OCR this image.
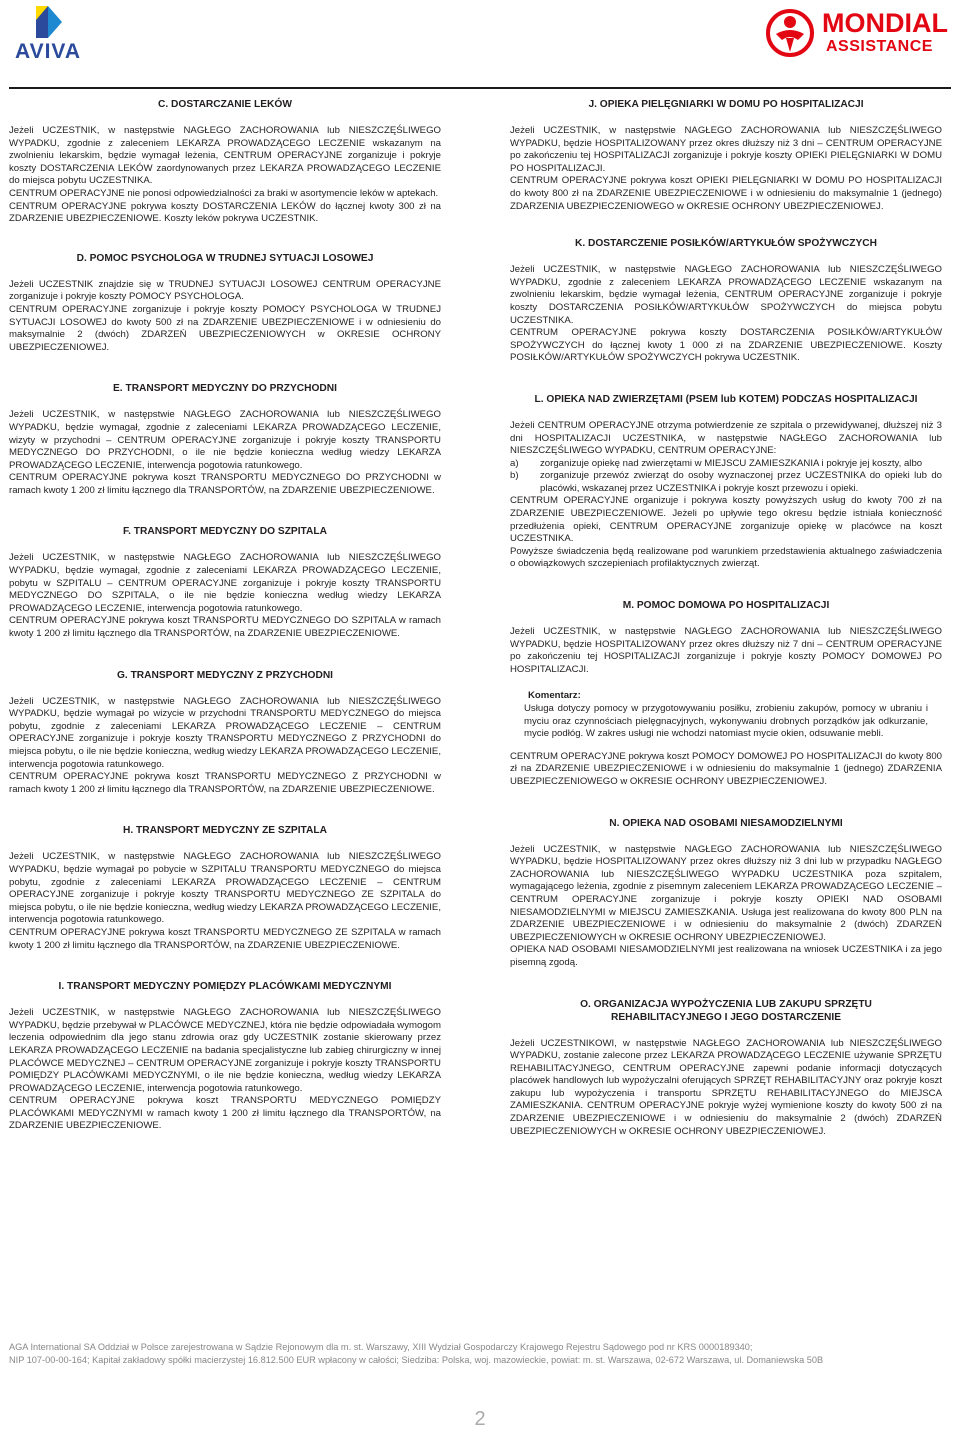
AVIVA
MONDIAL
ASSISTANCE
C. DOSTARCZANIE LEKÓW

Jeżeli UCZESTNIK, w następstwie NAGŁEGO ZACHOROWANIA lub NIESZCZĘŚLIWEGO WYPADKU, zgodnie z zaleceniem LEKARZA PROWADZĄCEGO LECZENIE wskazanym na zwolnieniu lekarskim, będzie wymagał leżenia, CENTRUM OPERACYJNE zorganizuje i pokryje koszty DOSTARCZENIA LEKÓW zaordynowanych przez LEKARZA PROWADZĄCEGO LECZENIE do miejsca pobytu UCZESTNIKA.

CENTRUM OPERACYJNE nie ponosi odpowiedzialności za braki w asortymencie leków w aptekach.

CENTRUM OPERACYJNE pokrywa koszty DOSTARCZENIA LEKÓW do łącznej kwoty 300 zł na ZDARZENIE UBEZPIECZENIOWE. Koszty leków pokrywa UCZESTNIK.

D. POMOC PSYCHOLOGA W TRUDNEJ SYTUACJI LOSOWEJ

Jeżeli UCZESTNIK znajdzie się w TRUDNEJ SYTUACJI LOSOWEJ CENTRUM OPERACYJNE zorganizuje i pokryje koszty POMOCY PSYCHOLOGA.

CENTRUM OPERACYJNE zorganizuje i pokryje koszty POMOCY PSYCHOLOGA W TRUDNEJ SYTUACJI LOSOWEJ do kwoty 500 zł na ZDARZENIE UBEZPIECZENIOWE i w odniesieniu do maksymalnie 2 (dwóch) ZDARZEŃ UBEZPIECZENIOWYCH w OKRESIE OCHRONY UBEZPIECZENIOWEJ.

E. TRANSPORT MEDYCZNY DO PRZYCHODNI

Jeżeli UCZESTNIK, w następstwie NAGŁEGO ZACHOROWANIA lub NIESZCZĘŚLIWEGO WYPADKU, będzie wymagał, zgodnie z zaleceniami LEKARZA PROWADZĄCEGO LECZENIE, wizyty w przychodni – CENTRUM OPERACYJNE zorganizuje i pokryje koszty TRANSPORTU MEDYCZNEGO DO PRZYCHODNI, o ile nie będzie konieczna według wiedzy LEKARZA PROWADZĄCEGO LECZENIE, interwencja pogotowia ratunkowego.

CENTRUM OPERACYJNE pokrywa koszt TRANSPORTU MEDYCZNEGO DO PRZYCHODNI w ramach kwoty 1 200 zł limitu łącznego dla TRANSPORTÓW, na ZDARZENIE UBEZPIECZENIOWE.

F. TRANSPORT MEDYCZNY DO SZPITALA

Jeżeli UCZESTNIK, w następstwie NAGŁEGO ZACHOROWANIA lub NIESZCZĘŚLIWEGO WYPADKU, będzie wymagał, zgodnie z zaleceniami LEKARZA PROWADZĄCEGO LECZENIE, pobytu w SZPITALU – CENTRUM OPERACYJNE zorganizuje i pokryje koszty TRANSPORTU MEDYCZNEGO DO SZPITALA, o ile nie będzie konieczna według wiedzy LEKARZA PROWADZĄCEGO LECZENIE, interwencja pogotowia ratunkowego.

CENTRUM OPERACYJNE pokrywa koszt TRANSPORTU MEDYCZNEGO DO SZPITALA w ramach kwoty 1 200 zł limitu łącznego dla TRANSPORTÓW, na ZDARZENIE UBEZPIECZENIOWE.

G. TRANSPORT MEDYCZNY Z PRZYCHODNI

Jeżeli UCZESTNIK, w następstwie NAGŁEGO ZACHOROWANIA lub NIESZCZĘŚLIWEGO WYPADKU, będzie wymagał po wizycie w przychodni TRANSPORTU MEDYCZNEGO do miejsca pobytu, zgodnie z zaleceniami LEKARZA PROWADZĄCEGO LECZENIE – CENTRUM OPERACYJNE zorganizuje i pokryje koszty TRANSPORTU MEDYCZNEGO Z PRZYCHODNI do miejsca pobytu, o ile nie będzie konieczna, według wiedzy LEKARZA PROWADZĄCEGO LECZENIE, interwencja pogotowia ratunkowego.

CENTRUM OPERACYJNE pokrywa koszt TRANSPORTU MEDYCZNEGO Z PRZYCHODNI w ramach kwoty 1 200 zł limitu łącznego dla TRANSPORTÓW, na ZDARZENIE UBEZPIECZENIOWE.

H. TRANSPORT MEDYCZNY ZE SZPITALA

Jeżeli UCZESTNIK, w następstwie NAGŁEGO ZACHOROWANIA lub NIESZCZĘŚLIWEGO WYPADKU, będzie wymagał po pobycie w SZPITALU TRANSPORTU MEDYCZNEGO do miejsca pobytu, zgodnie z zaleceniami LEKARZA PROWADZĄCEGO LECZENIE – CENTRUM OPERACYJNE zorganizuje i pokryje koszty TRANSPORTU MEDYCZNEGO ZE SZPITALA do miejsca pobytu, o ile nie będzie konieczna, według wiedzy LEKARZA PROWADZĄCEGO LECZENIE, interwencja pogotowia ratunkowego.

CENTRUM OPERACYJNE pokrywa koszt TRANSPORTU MEDYCZNEGO ZE SZPITALA w ramach kwoty 1 200 zł limitu łącznego dla TRANSPORTÓW, na ZDARZENIE UBEZPIECZENIOWE.

I. TRANSPORT MEDYCZNY POMIĘDZY PLACÓWKAMI MEDYCZNYMI

Jeżeli UCZESTNIK, w następstwie NAGŁEGO ZACHOROWANIA lub NIESZCZĘŚLIWEGO WYPADKU, będzie przebywał w PLACÓWCE MEDYCZNEJ, która nie będzie odpowiadała wymogom leczenia odpowiednim dla jego stanu zdrowia oraz gdy UCZESTNIK zostanie skierowany przez LEKARZA PROWADZĄCEGO LECZENIE na badania specjalistyczne lub zabieg chirurgiczny w innej PLACÓWCE MEDYCZNEJ – CENTRUM OPERACYJNE zorganizuje i pokryje koszty TRANSPORTU POMIĘDZY PLACÓWKAMI MEDYCZNYMI, o ile nie będzie konieczna, według wiedzy LEKARZA PROWADZĄCEGO LECZENIE, interwencja pogotowia ratunkowego.

CENTRUM OPERACYJNE pokrywa koszt TRANSPORTU MEDYCZNEGO POMIĘDZY PLACÓWKAMI MEDYCZNYMI w ramach kwoty 1 200 zł limitu łącznego dla TRANSPORTÓW, na ZDARZENIE UBEZPIECZENIOWE.

J. OPIEKA PIELĘGNIARKI W DOMU PO HOSPITALIZACJI

Jeżeli UCZESTNIK, w następstwie NAGŁEGO ZACHOROWANIA lub NIESZCZĘŚLIWEGO WYPADKU, będzie HOSPITALIZOWANY przez okres dłuższy niż 3 dni – CENTRUM OPERACYJNE po zakończeniu tej HOSPITALIZACJI zorganizuje i pokryje koszty OPIEKI PIELĘGNIARKI W DOMU PO HOSPITALIZACJI.

CENTRUM OPERACYJNE pokrywa koszt OPIEKI PIELĘGNIARKI W DOMU PO HOSPITALIZACJI do kwoty 800 zł na ZDARZENIE UBEZPIECZENIOWE i w odniesieniu do maksymalnie 1 (jednego) ZDARZENIA UBEZPIECZENIOWEGO w OKRESIE OCHRONY UBEZPIECZENIOWEJ.

K. DOSTARCZENIE POSIŁKÓW/ARTYKUŁÓW SPOŻYWCZYCH

Jeżeli UCZESTNIK, w następstwie NAGŁEGO ZACHOROWANIA lub NIESZCZĘŚLIWEGO WYPADKU, zgodnie z zaleceniem LEKARZA PROWADZĄCEGO LECZENIE wskazanym na zwolnieniu lekarskim, będzie wymagał leżenia, CENTRUM OPERACYJNE zorganizuje i pokryje koszty DOSTARCZENIA POSIŁKÓW/ARTYKUŁÓW SPOŻYWCZYCH do miejsca pobytu UCZESTNIKA.

CENTRUM OPERACYJNE pokrywa koszty DOSTARCZENIA POSIŁKÓW/ARTYKUŁÓW SPOŻYWCZYCH do łącznej kwoty 1 000 zł na ZDARZENIE UBEZPIECZENIOWE. Koszty POSIŁKÓW/ARTYKUŁÓW SPOŻYWCZYCH pokrywa UCZESTNIK.

L. OPIEKA NAD ZWIERZĘTAMI (PSEM lub KOTEM) PODCZAS HOSPITALIZACJI

Jeżeli CENTRUM OPERACYJNE otrzyma potwierdzenie ze szpitala o przewidywanej, dłuższej niż 3 dni HOSPITALIZACJI UCZESTNIKA, w następstwie NAGŁEGO ZACHOROWANIA lub NIESZCZĘŚLIWEGO WYPADKU, CENTRUM OPERACYJNE:

a)	zorganizuje opiekę nad zwierzętami w MIEJSCU ZAMIESZKANIA i pokryje jej koszty, albo
b)	zorganizuje przewóz zwierząt do osoby wyznaczonej przez UCZESTNIKA do opieki lub do placówki, wskazanej przez UCZESTNIKA i pokryje koszt przewozu i opieki.

CENTRUM OPERACYJNE organizuje i pokrywa koszty powyższych usług do kwoty 700 zł na ZDARZENIE UBEZPIECZENIOWE. Jeżeli po upływie tego okresu będzie istniała konieczność przedłużenia opieki, CENTRUM OPERACYJNE zorganizuje opiekę w placówce na koszt UCZESTNIKA.

Powyższe świadczenia będą realizowane pod warunkiem przedstawienia aktualnego zaświadczenia o obowiązkowych szczepieniach profilaktycznych zwierząt.

M. POMOC DOMOWA PO HOSPITALIZACJI

Jeżeli UCZESTNIK, w następstwie NAGŁEGO ZACHOROWANIA lub NIESZCZĘŚLIWEGO WYPADKU, będzie HOSPITALIZOWANY przez okres dłuższy niż 7 dni – CENTRUM OPERACYJNE po zakończeniu tej HOSPITALIZACJI zorganizuje i pokryje koszty POMOCY DOMOWEJ PO HOSPITALIZACJI.

Komentarz:
Usługa dotyczy pomocy w przygotowywaniu posiłku, zrobieniu zakupów, pomocy w ubraniu i myciu oraz czynnościach pielęgnacyjnych, wykonywaniu drobnych porządków jak odkurzanie, mycie podłóg. W zakres usługi nie wchodzi natomiast mycie okien, odsuwanie mebli.

CENTRUM OPERACYJNE pokrywa koszt POMOCY DOMOWEJ PO HOSPITALIZACJI do kwoty 800 zł na ZDARZENIE UBEZPIECZENIOWE i w odniesieniu do maksymalnie 1 (jednego) ZDARZENIA UBEZPIECZENIOWEGO w OKRESIE OCHRONY UBEZPIECZENIOWEJ.

N. OPIEKA NAD OSOBAMI NIESAMODZIELNYMI

Jeżeli UCZESTNIK, w następstwie NAGŁEGO ZACHOROWANIA lub NIESZCZĘŚLIWEGO WYPADKU, będzie HOSPITALIZOWANY przez okres dłuższy niż 3 dni lub w przypadku NAGŁEGO ZACHOROWANIA lub NIESZCZĘŚLIWEGO WYPADKU UCZESTNIKA poza szpitalem, wymagającego leżenia, zgodnie z pisemnym zaleceniem LEKARZA PROWADZĄCEGO LECZENIE – CENTRUM OPERACYJNE zorganizuje i pokryje koszty OPIEKI NAD OSOBAMI NIESAMODZIELNYMI w MIEJSCU ZAMIESZKANIA. Usługa jest realizowana do kwoty 800 PLN na ZDARZENIE UBEZPIECZENIOWE i w odniesieniu do maksymalnie 2 (dwóch) ZDARZEŃ UBEZPIECZENIOWYCH w OKRESIE OCHRONY UBEZPIECZENIOWEJ.

OPIEKA NAD OSOBAMI NIESAMODZIELNYMI jest realizowana na wniosek UCZESTNIKA i za jego pisemną zgodą.

O. ORGANIZACJA WYPOŻYCZENIA LUB ZAKUPU SPRZĘTU
REHABILITACYJNEGO I JEGO DOSTARCZENIE

Jeżeli UCZESTNIKOWI, w następstwie NAGŁEGO ZACHOROWANIA lub NIESZCZĘŚLIWEGO WYPADKU, zostanie zalecone przez LEKARZA PROWADZĄCEGO LECZENIE używanie SPRZĘTU REHABILITACYJNEGO, CENTRUM OPERACYJNE zapewni podanie informacji dotyczących placówek handlowych lub wypożyczalni oferujących SPRZĘT REHABILITACYJNY oraz pokryje koszt zakupu lub wypożyczenia i transportu SPRZĘTU REHABILITACYJNEGO do MIEJSCA ZAMIESZKANIA. CENTRUM OPERACYJNE pokryje wyżej wymienione koszty do kwoty 500 zł na ZDARZENIE UBEZPIECZENIOWE i w odniesieniu do maksymalnie 2 (dwóch) ZDARZEŃ UBEZPIECZENIOWYCH w OKRESIE OCHRONY UBEZPIECZENIOWEJ.

AGA International SA Oddział w Polsce zarejestrowana w Sądzie Rejonowym dla m. st. Warszawy, XIII Wydział Gospodarczy Krajowego Rejestru Sądowego pod nr KRS 0000189340;
NIP 107-00-00-164; Kapitał zakładowy spółki macierzystej 16.812.500 EUR wpłacony w całości; Siedziba: Polska, woj. mazowieckie, powiat: m. st. Warszawa, 02-672 Warszawa, ul. Domaniewska 50B
2
